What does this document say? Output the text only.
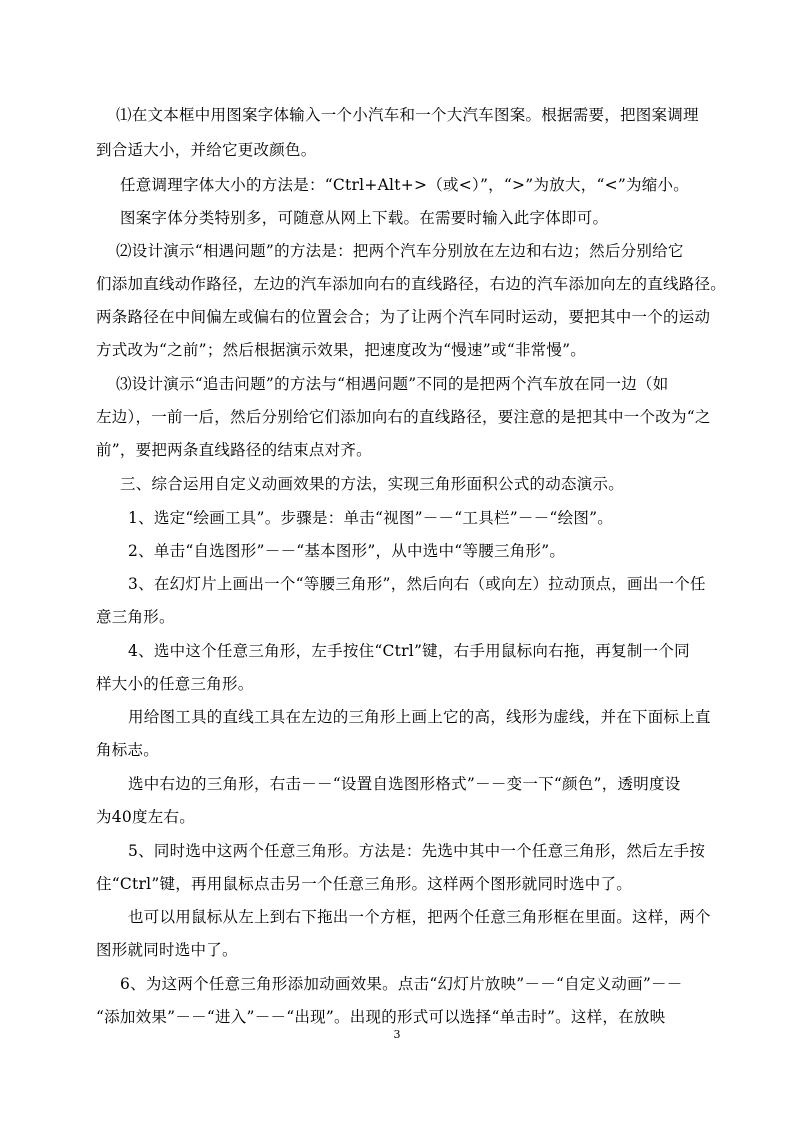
⑴在文本框中用图案字体输入一个小汽车和一个大汽车图案。根据需要，把图案调理
到合适大小，并给它更改颜色。
任意调理字体大小的方法是：“Ctrl+Alt+>（或<）”，“>”为放大，“<”为缩小。
图案字体分类特别多，可随意从网上下载。在需要时输入此字体即可。
⑵设计演示“相遇问题”的方法是：把两个汽车分别放在左边和右边；然后分别给它
们添加直线动作路径，左边的汽车添加向右的直线路径，右边的汽车添加向左的直线路径。
两条路径在中间偏左或偏右的位置会合；为了让两个汽车同时运动，要把其中一个的运动
方式改为“之前”；然后根据演示效果，把速度改为“慢速”或“非常慢”。
⑶设计演示“追击问题”的方法与“相遇问题”不同的是把两个汽车放在同一边（如
左边），一前一后，然后分别给它们添加向右的直线路径，要注意的是把其中一个改为“之
前”，要把两条直线路径的结束点对齐。
三、综合运用自定义动画效果的方法，实现三角形面积公式的动态演示。
1、选定“绘画工具”。步骤是：单击“视图”－－“工具栏”－－“绘图”。
2、单击“自选图形”－－“基本图形”，从中选中“等腰三角形”。
3、在幻灯片上画出一个“等腰三角形”，然后向右（或向左）拉动顶点，画出一个任
意三角形。
4、选中这个任意三角形，左手按住“Ctrl”键，右手用鼠标向右拖，再复制一个同
样大小的任意三角形。
用给图工具的直线工具在左边的三角形上画上它的高，线形为虚线，并在下面标上直
角标志。
选中右边的三角形，右击－－“设置自选图形格式”－－变一下“颜色”，透明度设
为40度左右。
5、同时选中这两个任意三角形。方法是：先选中其中一个任意三角形，然后左手按
住“Ctrl”键，再用鼠标点击另一个任意三角形。这样两个图形就同时选中了。
也可以用鼠标从左上到右下拖出一个方框，把两个任意三角形框在里面。这样，两个
图形就同时选中了。
6、为这两个任意三角形添加动画效果。点击“幻灯片放映”－－“自定义动画”－－
“添加效果”－－“进入”－－“出现”。出现的形式可以选择“单击时”。这样，在放映
3
